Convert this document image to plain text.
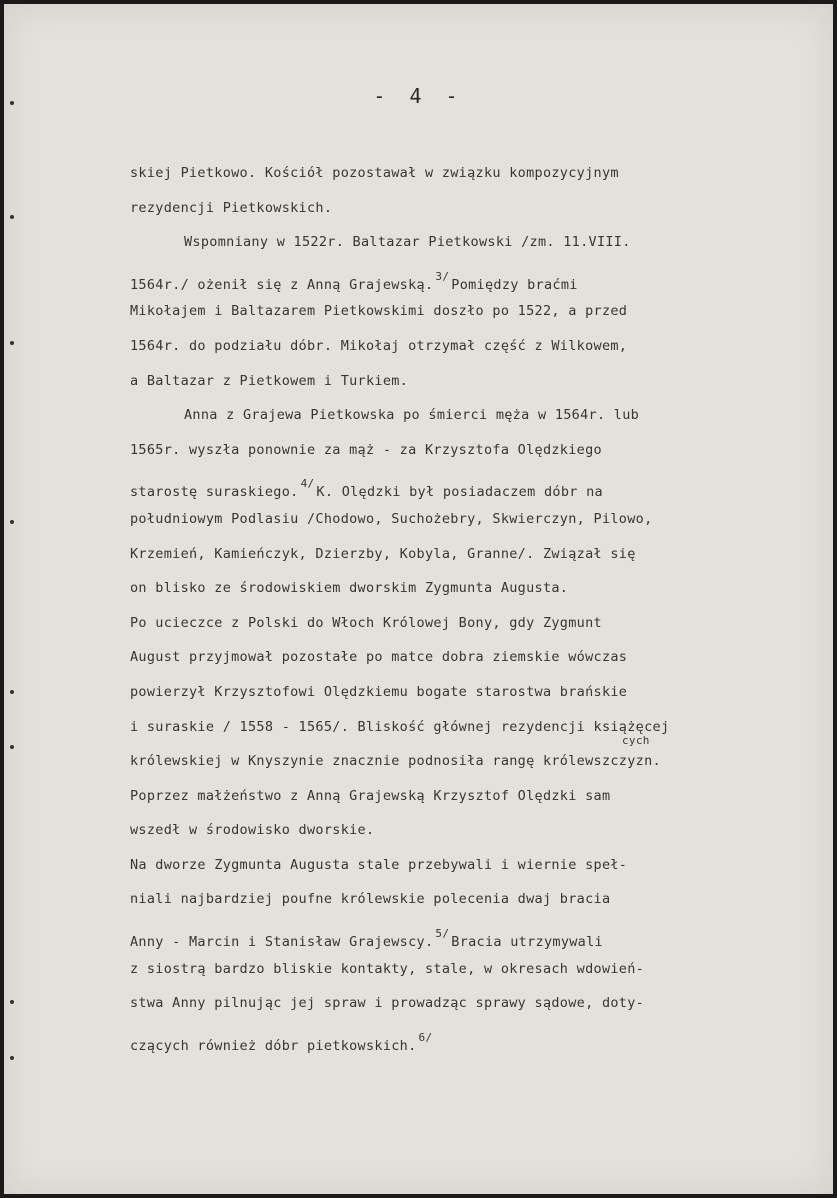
- 4 -
skiej Pietkowo. Kościół pozostawał w związku kompozycyjnym
rezydencji Pietkowskich.
Wspomniany w 1522r. Baltazar Pietkowski /zm. 11.VIII.
1564r./ ożenił się z Anną Grajewską.$^{3/}$Pomiędzy braćmi
Mikołajem i Baltazarem Pietkowskimi doszło po 1522, a przed
1564r. do podziału dóbr. Mikołaj otrzymał część z Wilkowem,
a Baltazar z Pietkowem i Turkiem.
Anna z Grajewa Pietkowska po śmierci męża w 1564r. lub
1565r. wyszła ponownie za mąż - za Krzysztofa Olędzkiego
starostę suraskiego.$^{4/}$K. Olędzki był posiadaczem dóbr na
południowym Podlasiu /Chodowo, Suchożebry, Skwierczyn, Pilowo,
Krzemień, Kamieńczyk, Dzierzby, Kobyla, Granne/. Związał się
on blisko ze środowiskiem dworskim Zygmunta Augusta.
Po ucieczce z Polski do Włoch Królowej Bony, gdy Zygmunt
August przyjmował pozostałe po matce dobra ziemskie wówczas
powierzył Krzysztofowi Olędzkiemu bogate starostwa brańskie
i suraskie / 1558 - 1565/. Bliskość głównej rezydencji książęcej
królewskiej w Knyszynie znacznie podnosiła rangę królewszczyzn.
cych
Poprzez małżeństwo z Anną Grajewską Krzysztof Olędzki sam
wszedł w środowisko dworskie.
Na dworze Zygmunta Augusta stale przebywali i wiernie speł-
niali najbardziej poufne królewskie polecenia dwaj bracia
Anny - Marcin i Stanisław Grajewscy.$^{5/}$Bracia utrzymywali
z siostrą bardzo bliskie kontakty, stale, w okresach wdowień-
stwa Anny pilnując jej spraw i prowadząc sprawy sądowe, doty-
czących również dóbr pietkowskich.$^{6/}$
